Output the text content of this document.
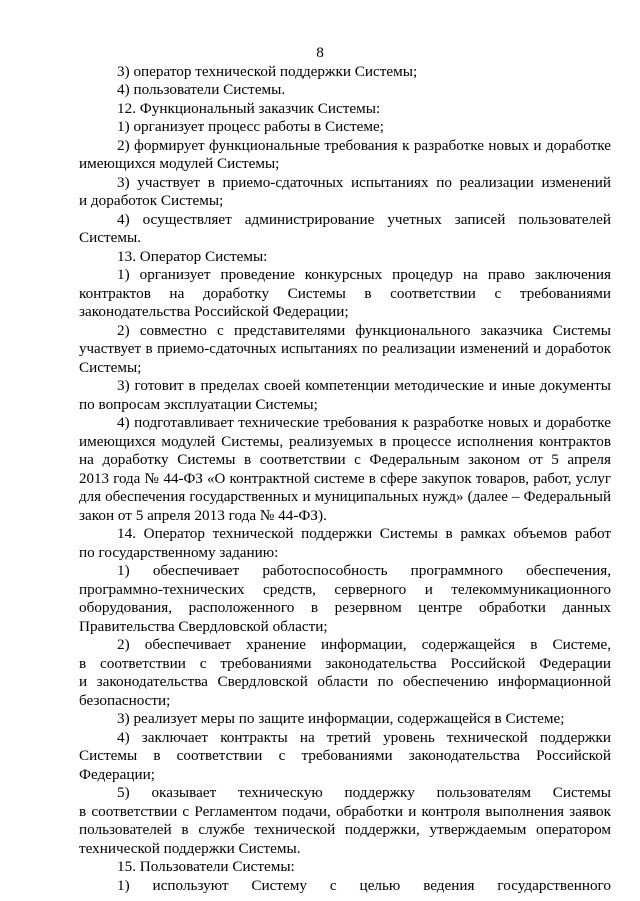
8
3) оператор технической поддержки Системы;
4) пользователи Системы.
12. Функциональный заказчик Системы:
1) организует процесс работы в Системе;
2) формирует функциональные требования к разработке новых и доработке
имеющихся модулей Системы;
3) участвует в приемо-сдаточных испытаниях по реализации изменений
и доработок Системы;
4) осуществляет администрирование учетных записей пользователей
Системы.
13. Оператор Системы:
1) организует проведение конкурсных процедур на право заключения
контрактов на доработку Системы в соответствии с требованиями
законодательства Российской Федерации;
2) совместно с представителями функционального заказчика Системы
участвует в приемо-сдаточных испытаниях по реализации изменений и доработок
Системы;
3) готовит в пределах своей компетенции методические и иные документы
по вопросам эксплуатации Системы;
4) подготавливает технические требования к разработке новых и доработке
имеющихся модулей Системы, реализуемых в процессе исполнения контрактов
на доработку Системы в соответствии с Федеральным законом от 5 апреля
2013 года № 44-ФЗ «О контрактной системе в сфере закупок товаров, работ, услуг
для обеспечения государственных и муниципальных нужд» (далее – Федеральный
закон от 5 апреля 2013 года № 44-ФЗ).
14. Оператор технической поддержки Системы в рамках объемов работ
по государственному заданию:
1) обеспечивает работоспособность программного обеспечения,
программно-технических средств, серверного и телекоммуникационного
оборудования, расположенного в резервном центре обработки данных
Правительства Свердловской области;
2) обеспечивает хранение информации, содержащейся в Системе,
в соответствии с требованиями законодательства Российской Федерации
и законодательства Свердловской области по обеспечению информационной
безопасности;
3) реализует меры по защите информации, содержащейся в Системе;
4) заключает контракты на третий уровень технической поддержки
Системы в соответствии с требованиями законодательства Российской
Федерации;
5) оказывает техническую поддержку пользователям Системы
в соответствии с Регламентом подачи, обработки и контроля выполнения заявок
пользователей в службе технической поддержки, утверждаемым оператором
технической поддержки Системы.
15. Пользователи Системы:
1) используют Систему с целью ведения государственного
